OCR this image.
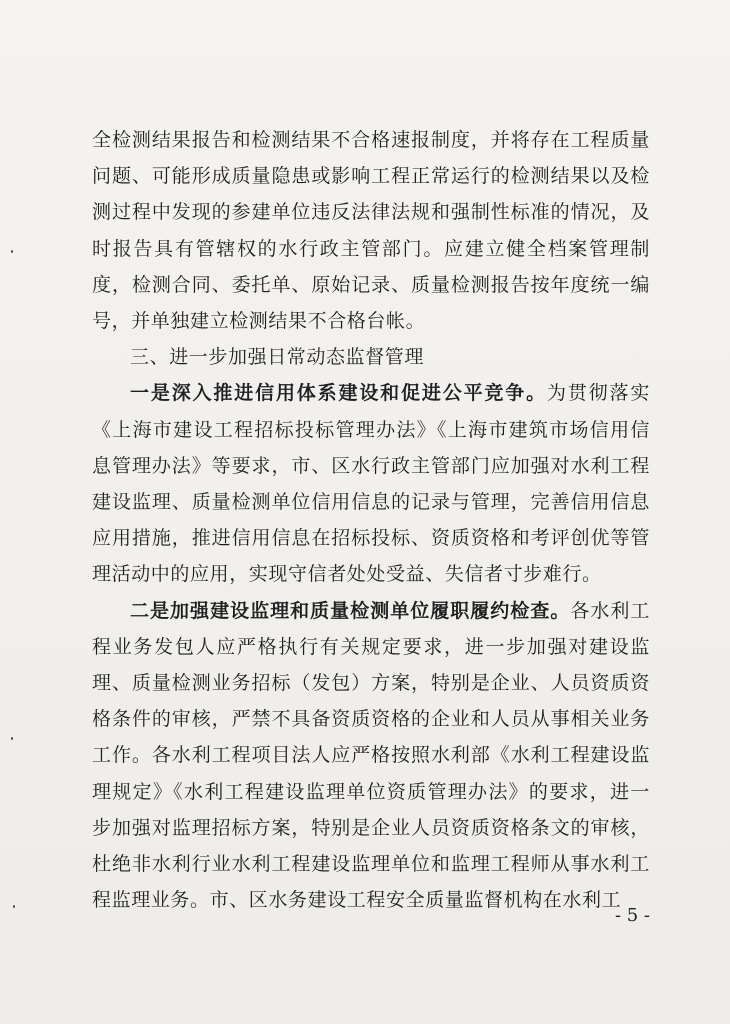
全检测结果报告和检测结果不合格速报制度，并将存在工程质量问题、可能形成质量隐患或影响工程正常运行的检测结果以及检测过程中发现的参建单位违反法律法规和强制性标准的情况，及时报告具有管辖权的水行政主管部门。应建立健全档案管理制度，检测合同、委托单、原始记录、质量检测报告按年度统一编号，并单独建立检测结果不合格台帐。

三、进一步加强日常动态监督管理

一是深入推进信用体系建设和促进公平竞争。为贯彻落实《上海市建设工程招标投标管理办法》《上海市建筑市场信用信息管理办法》等要求，市、区水行政主管部门应加强对水利工程建设监理、质量检测单位信用信息的记录与管理，完善信用信息应用措施，推进信用信息在招标投标、资质资格和考评创优等管理活动中的应用，实现守信者处处受益、失信者寸步难行。

二是加强建设监理和质量检测单位履职履约检查。各水利工程业务发包人应严格执行有关规定要求，进一步加强对建设监理、质量检测业务招标（发包）方案，特别是企业、人员资质资格条件的审核，严禁不具备资质资格的企业和人员从事相关业务工作。各水利工程项目法人应严格按照水利部《水利工程建设监理规定》《水利工程建设监理单位资质管理办法》的要求，进一步加强对监理招标方案，特别是企业人员资质资格条文的审核，杜绝非水利行业水利工程建设监理单位和监理工程师从事水利工程监理业务。市、区水务建设工程安全质量监督机构在水利工

- 5 -
